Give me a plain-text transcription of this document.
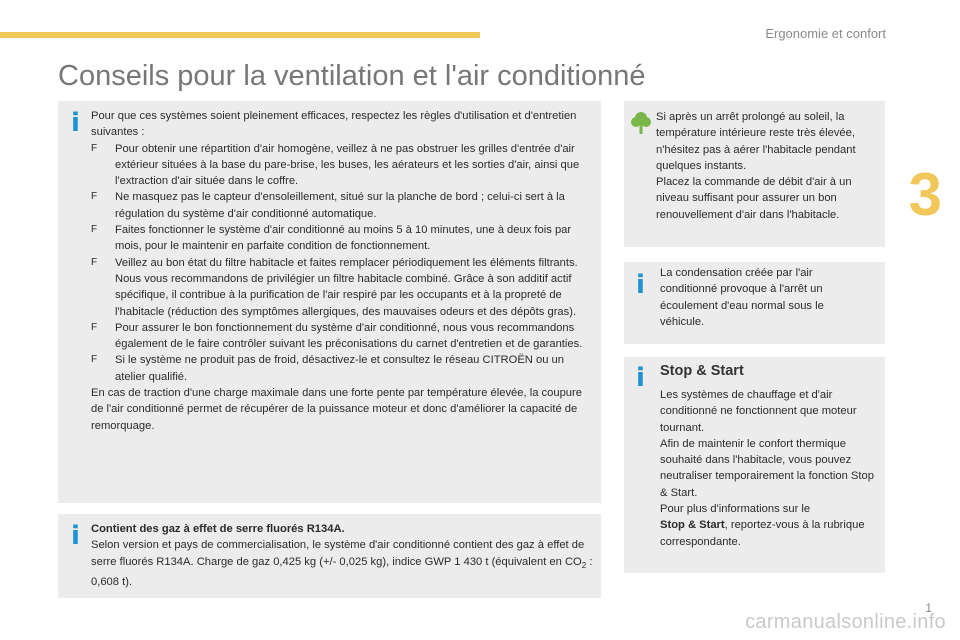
Ergonomie et confort
3
Conseils pour la ventilation et l'air conditionné
i Pour que ces systèmes soient pleinement efficaces, respectez les règles d'utilisation et d'entretien suivantes :

F Pour obtenir une répartition d'air homogène, veillez à ne pas obstruer les grilles d'entrée d'air extérieur situées à la base du pare-brise, les buses, les aérateurs et les sorties d'air, ainsi que l'extraction d'air située dans le coffre.
F Ne masquez pas le capteur d'ensoleillement, situé sur la planche de bord ; celui-ci sert à la régulation du système d'air conditionné automatique.
F Faites fonctionner le système d'air conditionné au moins 5 à 10 minutes, une à deux fois par mois, pour le maintenir en parfaite condition de fonctionnement.
F Veillez au bon état du filtre habitacle et faites remplacer périodiquement les éléments filtrants.
Nous vous recommandons de privilégier un filtre habitacle combiné. Grâce à son additif actif spécifique, il contribue à la purification de l'air respiré par les occupants et à la propreté de l'habitacle (réduction des symptômes allergiques, des mauvaises odeurs et des dépôts gras).
F Pour assurer le bon fonctionnement du système d'air conditionné, nous vous recommandons également de le faire contrôler suivant les préconisations du carnet d'entretien et de garanties.
F Si le système ne produit pas de froid, désactivez-le et consultez le réseau CITROËN ou un atelier qualifié.

En cas de traction d'une charge maximale dans une forte pente par température élevée, la coupure de l'air conditionné permet de récupérer de la puissance moteur et donc d'améliorer la capacité de remorquage.

i Contient des gaz à effet de serre fluorés R134A.

Selon version et pays de commercialisation, le système d'air conditionné contient des gaz à effet de serre fluorés R134A. Charge de gaz 0,425 kg (+/- 0,025 kg), indice GWP 1 430 t (équivalent en $CO_2$ : 0,608 t).

Si après un arrêt prolongé au soleil, la température intérieure reste très élevée, n'hésitez pas à aérer l'habitacle pendant quelques instants.

Placez la commande de débit d'air à un niveau suffisant pour assurer un bon renouvellement d'air dans l'habitacle.

i La condensation créée par l'air conditionné provoque à l'arrêt un écoulement d'eau normal sous le véhicule.

i Stop & Start

Les systèmes de chauffage et d'air conditionné ne fonctionnent que moteur tournant.

Afin de maintenir le confort thermique souhaité dans l'habitacle, vous pouvez neutraliser temporairement la fonction Stop & Start.

Pour plus d'informations sur le
Stop & Start, reportez-vous à la rubrique correspondante.

1
carmanualsonline.info
